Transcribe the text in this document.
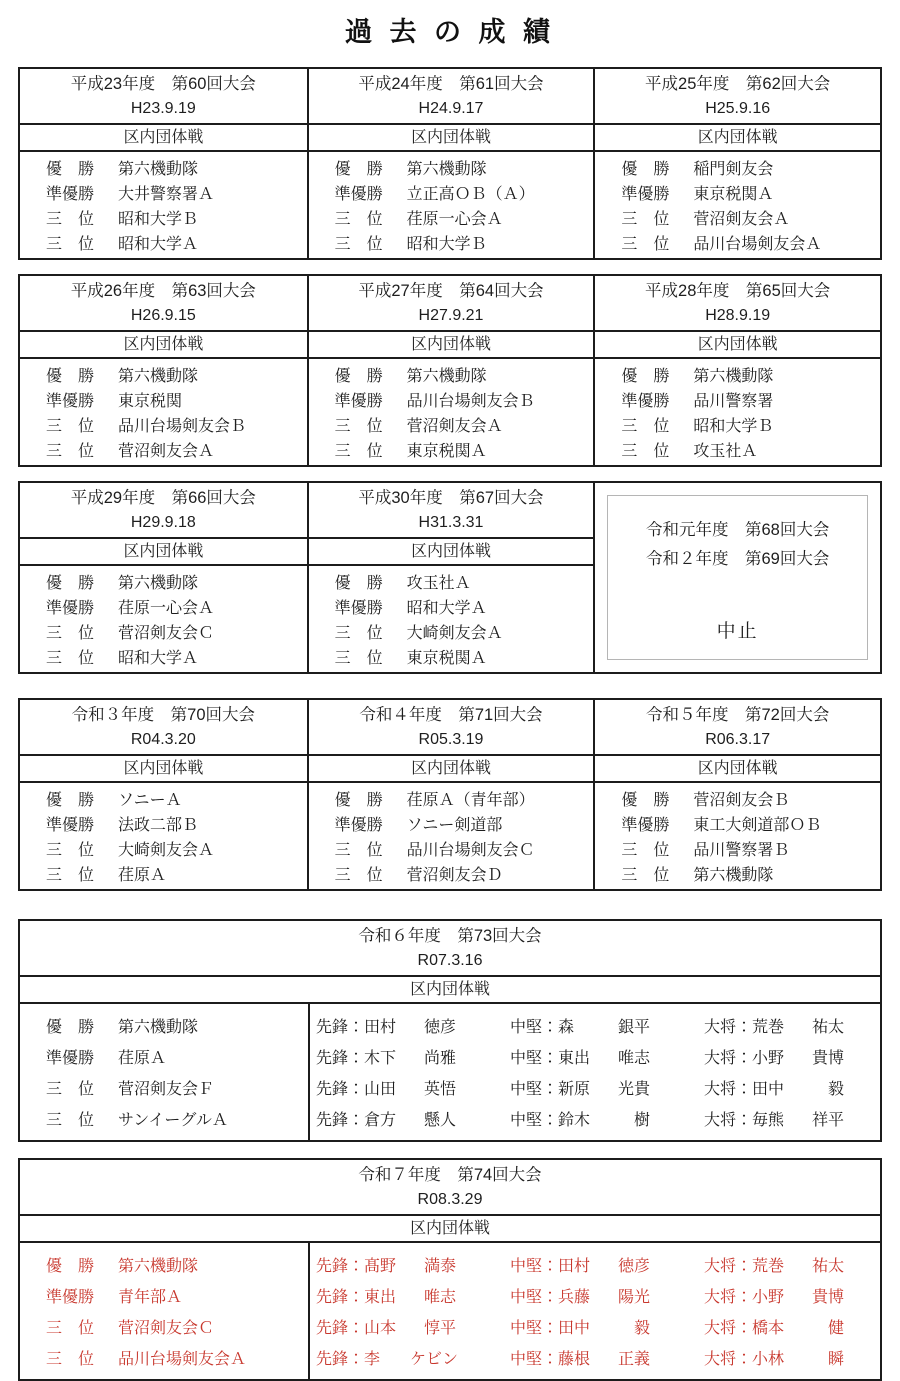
過 去 の 成 績
平成23年度　第60回大会
H23.9.19
区内団体戦
優　勝	第六機動隊
準優勝	大井警察署Ａ
三　位	昭和大学Ｂ
三　位	昭和大学Ａ
平成24年度　第61回大会
H24.9.17
区内団体戦
優　勝	第六機動隊
準優勝	立正高ＯＢ（Ａ）
三　位	荏原一心会Ａ
三　位	昭和大学Ｂ
平成25年度　第62回大会
H25.9.16
区内団体戦
優　勝	稲門剣友会
準優勝	東京税関Ａ
三　位	菅沼剣友会Ａ
三　位	品川台場剣友会Ａ
平成26年度　第63回大会
H26.9.15
区内団体戦
優　勝	第六機動隊
準優勝	東京税関
三　位	品川台場剣友会Ｂ
三　位	菅沼剣友会Ａ
平成27年度　第64回大会
H27.9.21
区内団体戦
優　勝	第六機動隊
準優勝	品川台場剣友会Ｂ
三　位	菅沼剣友会Ａ
三　位	東京税関Ａ
平成28年度　第65回大会
H28.9.19
区内団体戦
優　勝	第六機動隊
準優勝	品川警察署
三　位	昭和大学Ｂ
三　位	攻玉社Ａ
平成29年度　第66回大会
H29.9.18
区内団体戦
優　勝	第六機動隊
準優勝	荏原一心会Ａ
三　位	菅沼剣友会Ｃ
三　位	昭和大学Ａ
平成30年度　第67回大会
H31.3.31
区内団体戦
優　勝	攻玉社Ａ
準優勝	昭和大学Ａ
三　位	大崎剣友会Ａ
三　位	東京税関Ａ
令和元年度　第68回大会
令和２年度　第69回大会
中止
令和３年度　第70回大会
R04.3.20
区内団体戦
優　勝	ソニーＡ
準優勝	法政二部Ｂ
三　位	大崎剣友会Ａ
三　位	荏原Ａ
令和４年度　第71回大会
R05.3.19
区内団体戦
優　勝	荏原Ａ（青年部）
準優勝	ソニー剣道部
三　位	品川台場剣友会Ｃ
三　位	菅沼剣友会Ｄ
令和５年度　第72回大会
R06.3.17
区内団体戦
優　勝	菅沼剣友会Ｂ
準優勝	東工大剣道部ＯＢ
三　位	品川警察署Ｂ
三　位	第六機動隊
令和６年度　第73回大会
R07.3.16
区内団体戦
優　勝	第六機動隊
準優勝	荏原Ａ
三　位	菅沼剣友会Ｆ
三　位	サンイーグルＡ
先鋒： 田村	徳彦	中堅： 森	銀平	大将： 荒巻	祐太
先鋒： 木下	尚雅	中堅： 東出	唯志	大将： 小野	貴博
先鋒： 山田	英悟	中堅： 新原	光貴	大将： 田中	毅
先鋒： 倉方	懸人	中堅： 鈴木	樹	大将： 毎熊	祥平
令和７年度　第74回大会
R08.3.29
区内団体戦
優　勝	第六機動隊
準優勝	青年部Ａ
三　位	菅沼剣友会Ｃ
三　位	品川台場剣友会Ａ
先鋒： 髙野	満泰	中堅： 田村	徳彦	大将： 荒巻	祐太
先鋒： 東出	唯志	中堅： 兵藤	陽光	大将： 小野	貴博
先鋒： 山本	惇平	中堅： 田中	毅	大将： 橋本	健
先鋒： 李	ケビン	中堅： 藤根	正義	大将： 小林	瞬
